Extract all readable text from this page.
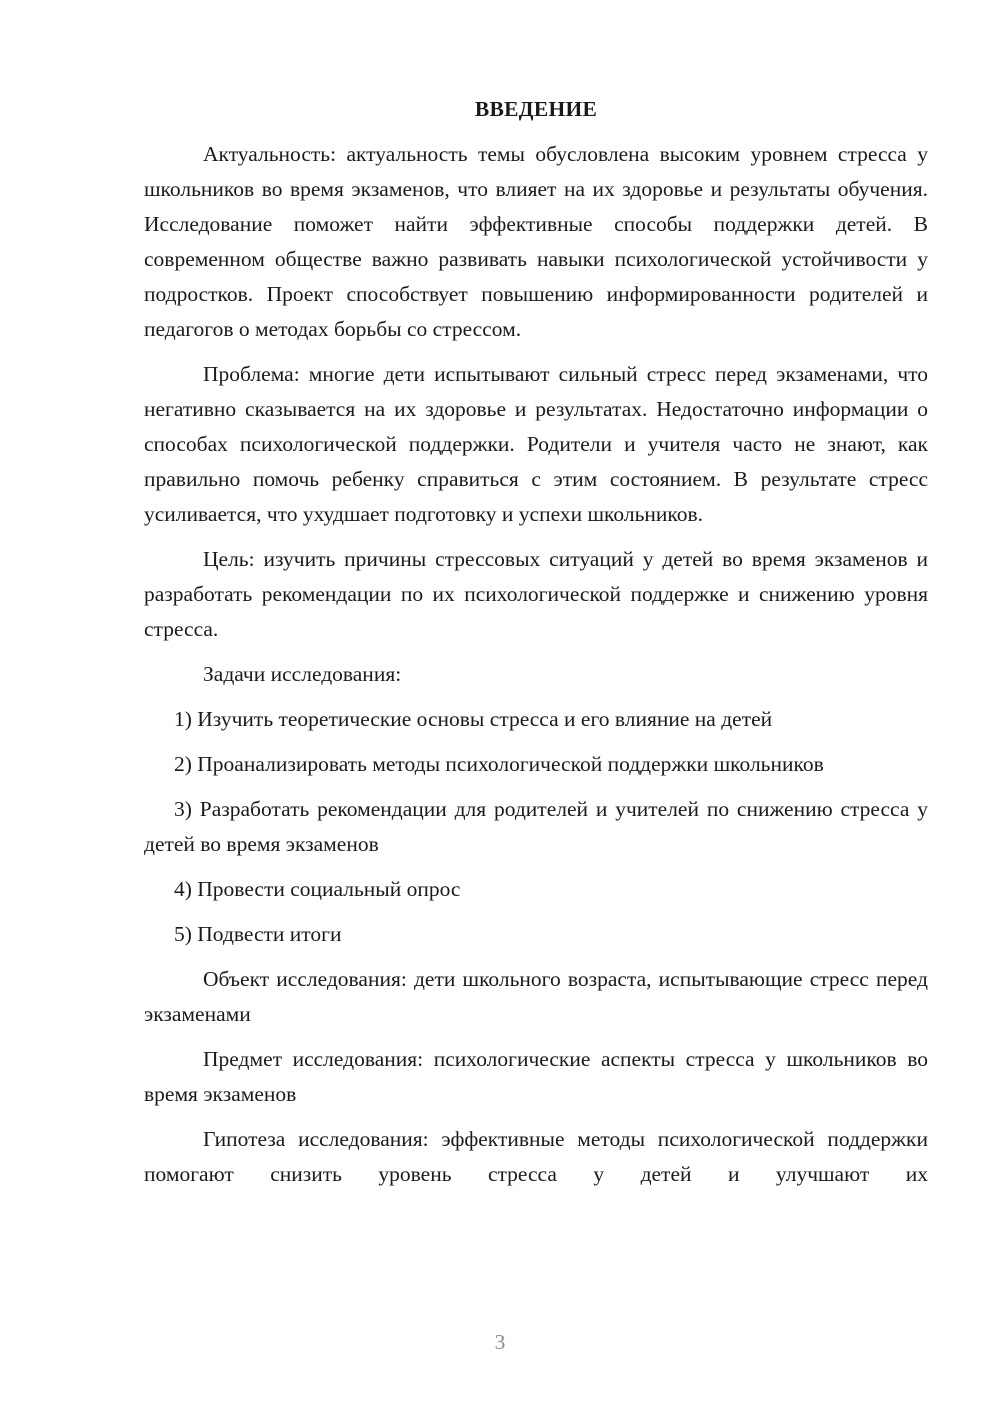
ВВЕДЕНИЕ

Актуальность: актуальность темы обусловлена высоким уровнем стресса у школьников во время экзаменов, что влияет на их здоровье и результаты обучения. Исследование поможет найти эффективные способы поддержки детей. В современном обществе важно развивать навыки психологической устойчивости у подростков. Проект способствует повышению информированности родителей и педагогов о методах борьбы со стрессом.

Проблема: многие дети испытывают сильный стресс перед экзаменами, что негативно сказывается на их здоровье и результатах. Недостаточно информации о способах психологической поддержки. Родители и учителя часто не знают, как правильно помочь ребенку справиться с этим состоянием. В результате стресс усиливается, что ухудшает подготовку и успехи школьников.

Цель: изучить причины стрессовых ситуаций у детей во время экзаменов и разработать рекомендации по их психологической поддержке и снижению уровня стресса.

Задачи исследования:

1) Изучить теоретические основы стресса и его влияние на детей

2) Проанализировать методы психологической поддержки школьников

3) Разработать рекомендации для родителей и учителей по снижению стресса у детей во время экзаменов

4) Провести социальный опрос

5) Подвести итоги

Объект исследования: дети школьного возраста, испытывающие стресс перед экзаменами

Предмет исследования: психологические аспекты стресса у школьников во время экзаменов

Гипотеза исследования: эффективные методы психологической поддержки помогают снизить уровень стресса у детей и улучшают их

3
